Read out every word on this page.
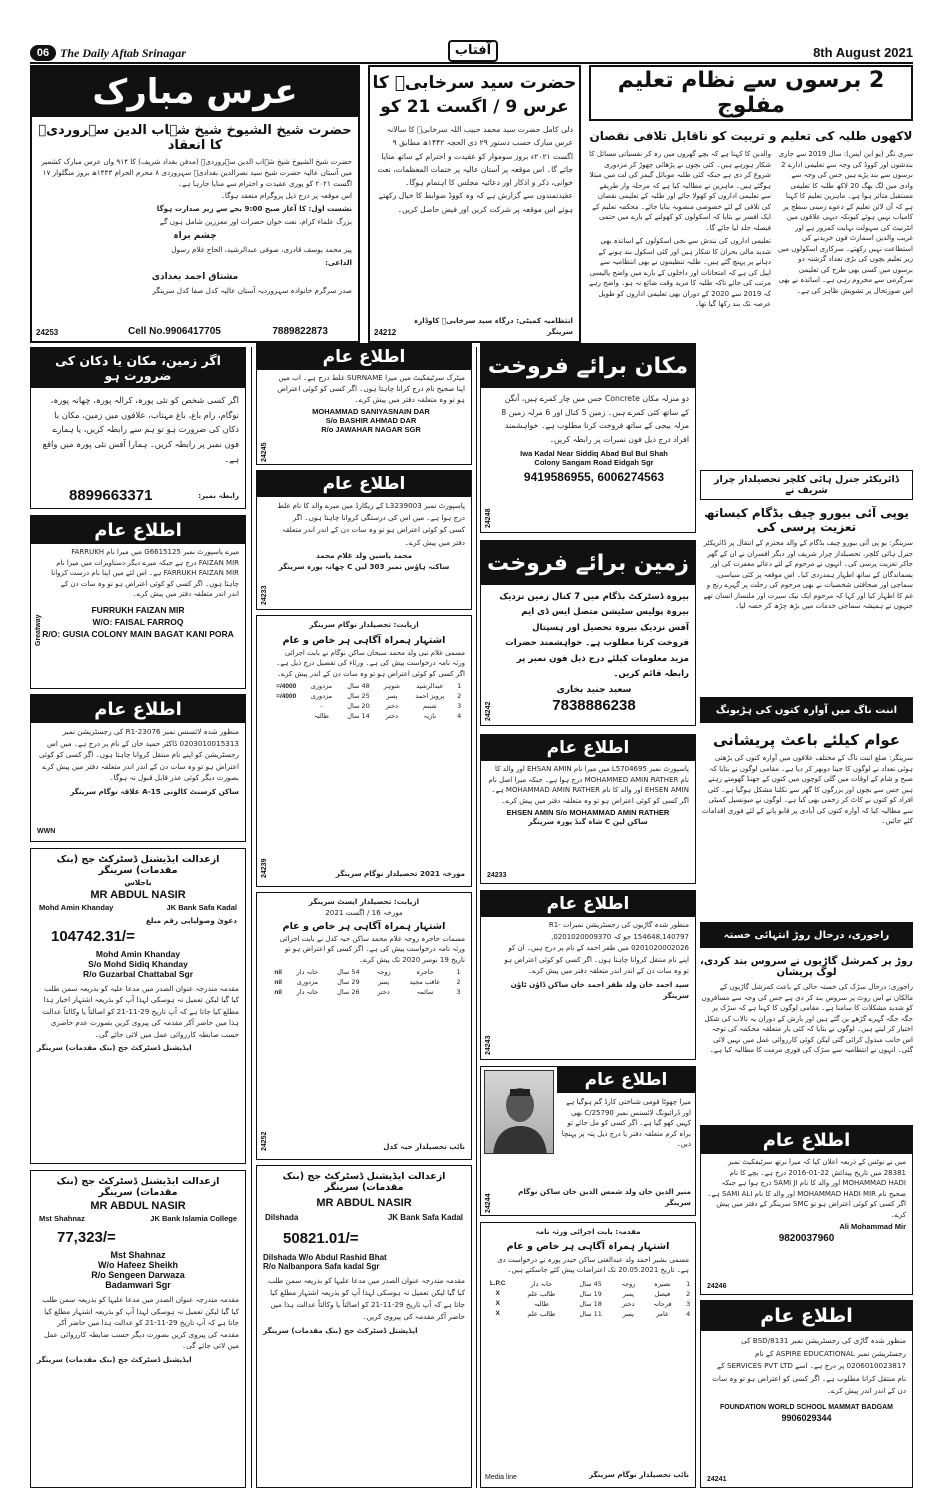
06 The Daily Aftab Srinagar	آفتاب	8th August 2021
عرس مبارک
حضرت شیخ الشیوخ شیخ شہاب الدین سہروردیؒ کا انعقاد

حضرت شیخ الشیوخ شیخ شہاب الدین سہروردیؒ (مدفن بغداد شریف) کا ۹۱۴ واں عرس مبارک کشمیر میں آستان عالیہ حضرت شیخ سید نصرالدین بغدادیؒ سہروردی ۸ محرم الحرام ۱۴۴۳ھ بروز منگلوار ۱۷ اگست ۲۰۲۱ کو پوری عقیدت و احترام سے منایا جارہا ہے۔

اس موقعہ پر درج ذیل پروگرام منعقد ہوگا۔

نشست اول: کا آغاز صبح 9:00 بجے سے زیر صدارت ہوگا

بزرگ علماء کرام، نعت خوان حضرات اور معززین شامل ہوں گے

چشم براہ

پیر محمد یوسف قادری، صوفی عبدالرشید، الحاج غلام رسول

الداعی:

مشتاق احمد بغدادی

صدر سرگرم خانوادہ سہروردیہ آستان عالیہ کدل صفا کدل سرینگر

24253	Cell No.9906417705	7889822873
حضرت سید سرخابیؒ کا
عرس 9 / اگست 21 کو
دلی کامل حضرت سید محمد حبیب اللہ سرخابیؒ کا سالانہ عرس مبارک حسب دستور ۲۹ ذی الحجہ ۱۴۴۲ھ مطابق ۹ اگست ۲۰۲۱ء بروز سوموار کو عقیدت و احترام کے ساتھ منایا جائے گا۔ اس موقعہ پر آستان عالیہ پر ختمات المعظمات، نعت خوانی، ذکر و اذکار اور دعائیہ مجلس کا اہتمام ہوگا۔ عقیدتمندوں سے گزارش ہے کہ وہ کووڈ ضوابط کا خیال رکھتے ہوئے اس موقعہ پر شرکت کریں اور فیض حاصل کریں۔
انتظامیہ کمیٹی: درگاہ سید سرخابیؒ کاوڈارہ سرینگر
24212
2 برسوں سے نظام تعلیم مفلوج
لاکھوں طلبہ کی تعلیم و تربیت کو ناقابل تلافی نقصان
سری نگر (یو این ایس): سال 2019 سے جاری بندشوں اور کووڈ کی وجہ سے تعلیمی ادارے 2 برسوں سے بند پڑے ہیں جس کی وجہ سے وادی میں لگ بھگ 20 لاکھ طلبہ کا تعلیمی مستقبل متاثر ہوا ہے۔ ماہرین تعلیم کا کہنا ہے کہ آن لائن تعلیم کے دعوے زمینی سطح پر کامیاب نہیں ہوئے کیونکہ دیہی علاقوں میں انٹرنیٹ کی سہولت نہایت کمزور ہے اور غریب والدین اسمارٹ فون خریدنے کی استطاعت نہیں رکھتے۔ سرکاری اسکولوں میں زیر تعلیم بچوں کی بڑی تعداد گزشتہ دو برسوں میں کسی بھی طرح کی تعلیمی سرگرمی سے محروم رہی ہے۔ اساتذہ نے بھی اس صورتحال پر تشویش ظاہر کی ہے۔
والدین کا کہنا ہے کہ بچے گھروں میں رہ کر نفسیاتی مسائل کا شکار ہورہے ہیں۔ کئی بچوں نے پڑھائی چھوڑ کر مزدوری شروع کر دی ہے جبکہ کئی طلبہ موبائل گیمز کی لت میں مبتلا ہوگئے ہیں۔ ماہرین نے مطالبہ کیا ہے کہ مرحلہ وار طریقے سے تعلیمی اداروں کو کھولا جائے اور طلبہ کے تعلیمی نقصان کی تلافی کے لئے خصوصی منصوبہ بنایا جائے۔ محکمہ تعلیم کے ایک افسر نے بتایا کہ اسکولوں کو کھولنے کے بارے میں حتمی فیصلہ جلد لیا جائے گا۔
تعلیمی اداروں کی بندش سے نجی اسکولوں کے اساتذہ بھی شدید مالی بحران کا شکار ہیں اور کئی اسکول بند ہونے کے دہانے پر پہنچ گئے ہیں۔ طلبہ تنظیموں نے بھی انتظامیہ سے اپیل کی ہے کہ امتحانات اور داخلوں کے بارے میں واضح پالیسی مرتب کی جائے تاکہ طلبہ کا مزید وقت ضائع نہ ہو۔ واضح رہے کہ 2019 سے 2020 کے دوران بھی تعلیمی اداروں کو طویل عرصہ تک بند رکھا گیا تھا۔
ڈائریکٹر جنرل ہائی کلچر تحصیلدار چرار شریف نے
یوپی آئی بیورو چیف بڈگام کیساتھ تعزیت پرسی کی
سرینگر: یو پی آئی بیورو چیف بڈگام کے والد محترم کے انتقال پر ڈائریکٹر جنرل ہائی کلچر، تحصیلدار چرار شریف اور دیگر افسران نے ان کے گھر جاکر تعزیت پرسی کی۔ انہوں نے مرحوم کے لئے دعائے مغفرت کی اور پسماندگان کے ساتھ اظہار ہمدردی کیا۔ اس موقعہ پر کئی سیاسی، سماجی اور صحافتی شخصیات نے بھی مرحوم کی رحلت پر گہرے رنج و غم کا اظہار کیا اور کہا کہ مرحوم ایک نیک سیرت اور ملنسار انسان تھے جنہوں نے ہمیشہ سماجی خدمات میں بڑھ چڑھ کر حصہ لیا۔
اننت ناگ میں آوارہ کتوں کی ہڑبونگ
عوام کیلئے باعث پریشانی
سرینگر: ضلع اننت ناگ کے مختلف علاقوں میں آوارہ کتوں کی بڑھتی ہوئی تعداد نے لوگوں کا جینا دوبھر کر دیا ہے۔ مقامی لوگوں نے بتایا کہ صبح و شام کے اوقات میں گلی کوچوں میں کتوں کے جھنڈ گھومتے رہتے ہیں جس سے بچوں اور بزرگوں کا گھر سے نکلنا مشکل ہوگیا ہے۔ کئی افراد کو کتوں نے کاٹ کر زخمی بھی کیا ہے۔ لوگوں نے میونسپل کمیٹی سے مطالبہ کیا کہ آوارہ کتوں کی آبادی پر قابو پانے کے لئے فوری اقدامات کئے جائیں۔
راجوری، درحال روڑ انتہائی خستہ
روڑ پر کمرشل گاڑیوں نے سروس بند کردی، لوگ پریشان
راجوری: درحال سڑک کی خستہ حالی کے باعث کمرشل گاڑیوں کے مالکان نے اس روٹ پر سروس بند کر دی ہے جس کی وجہ سے مسافروں کو شدید مشکلات کا سامنا ہے۔ مقامی لوگوں کا کہنا ہے کہ سڑک پر جگہ جگہ گہرے گڑھے بن گئے ہیں اور بارش کے دوران یہ تالاب کی شکل اختیار کر لیتے ہیں۔ لوگوں نے بتایا کہ کئی بار متعلقہ محکمہ کی توجہ اس جانب مبذول کرائی گئی لیکن کوئی کارروائی عمل میں نہیں لائی گئی۔ انہوں نے انتظامیہ سے سڑک کی فوری مرمت کا مطالبہ کیا ہے۔
اگر زمین، مکان یا دکان کی ضرورت ہو
اگر کسی شخص کو نئی پورہ، کرالہ پورہ، چھانہ پورہ، نوگام، رام باغ، باغ مہتاب، علاقوں میں زمین، مکان یا دکان کی ضرورت ہو تو ہم سے رابطہ کریں، یا ہمارے فون نمبر پر رابطہ کریں۔ ہمارا آفس نئی پورہ میں واقع ہے۔
رابطہ نمبر:
8899663371
اطلاع عام
میرے پاسپورٹ نمبر G6615125 میں میرا نام FARRUKH FAIZAN MIR درج ہے جبکہ میرے دیگر دستاویزات میں میرا نام FARRUKH FAIZAN MIR ہے۔ اس لئے میں اپنا نام درست کروانا چاہتا ہوں۔ اگر کسی کو کوئی اعتراض ہو تو وہ سات دن کے اندر اندر متعلقہ دفتر میں پیش کرے۔
FURRUKH FAIZAN MIR
W/O: FAISAL FARROQ
R/O: GUSIA COLONY MAIN BAGAT KANI PORA
Greatway
اطلاع عام
منظور شدہ لائسنس نمبر R1-23076 کی رجسٹریشن نمبر 0203010015313 ڈاکٹر حمید خان کے نام پر درج ہے۔ میں اس رجسٹریشن کو اپنے نام منتقل کروانا چاہتا ہوں۔ اگر کسی کو کوئی اعتراض ہو تو وہ سات دن کے اندر اندر متعلقہ دفتر میں پیش کرے بصورت دیگر کوئی عذر قابل قبول نہ ہوگا۔
ساکن کرسنٹ کالونی 15-A علاقہ نوگام سرینگر
WWN
ازعدالت ایڈیشنل ڈسٹرکٹ جج (بنک مقدمات) سرینگر
باجلاس
MR ABDUL NASIR
Mohd Amin Khanday	JK Bank Safa Kadal
دعویٰ وصولیابی رقم مبلغ
104742.31/=
Mohd Amin Khanday
S/o Mohd Sidiq Khanday
R/o Guzarbal Chattabal Sgr
مقدمہ مندرجہ عنوان الصدر میں مدعا علیہ کو بذریعہ سمن طلب کیا گیا لیکن تعمیل نہ ہوسکی لہذا آپ کو بذریعہ اشتہار اخبار ہذا مطلع کیا جاتا ہے کہ آپ تاریخ 29-11-21 کو اصالتاً یا وکالتاً عدالت ہذا میں حاضر آکر مقدمہ کی پیروی کریں بصورت عدم حاضری حسب ضابطہ کارروائی عمل میں لائی جائے گی۔
ایڈیشنل ڈسٹرکٹ جج (بنک مقدمات) سرینگر
ازعدالت ایڈیشنل ڈسٹرکٹ جج (بنک مقدمات) سرینگر
MR ABDUL NASIR
Mst Shahnaz	JK Bank Islamia College
77,323/=
Mst Shahnaz
W/o Hafeez Sheikh
R/o Sengeen Darwaza
Badamwari Sgr
مقدمہ مندرجہ عنوان الصدر میں مدعا علیہا کو بذریعہ سمن طلب کیا گیا لیکن تعمیل نہ ہوسکی لہذا آپ کو بذریعہ اشتہار مطلع کیا جاتا ہے کہ آپ تاریخ 29-11-21 کو عدالت ہذا میں حاضر آکر مقدمہ کی پیروی کریں بصورت دیگر حسب ضابطہ کارروائی عمل میں لائی جائے گی۔
ایڈیشنل ڈسٹرکٹ جج (بنک مقدمات) سرینگر
اطلاع عام
میٹرک سرٹیفکیٹ میں میرا SURNAME غلط درج ہے۔ اب میں اپنا صحیح نام درج کرانا چاہتا ہوں۔ اگر کسی کو کوئی اعتراض ہو تو وہ متعلقہ دفتر میں پیش کرے۔
MOHAMMAD SANIYASNAIN DAR
S/o BASHIR AHMAD DAR
R/o JAWAHAR NAGAR SGR
24245
اطلاع عام
پاسپورٹ نمبر L3239003 کے ریکارڈ میں میرے والد کا نام غلط درج ہوا ہے۔ میں اس کی درستگی کروانا چاہتا ہوں۔ اگر کسی کو کوئی اعتراض ہو تو وہ سات دن کے اندر اندر متعلقہ دفتر میں پیش کرے۔
محمد یاسین ولد غلام محمد
ساکنہ ہاؤس نمبر 303 لین C چھانہ پورہ سرینگر
24233
ازیابت: تحصیلدار نوگام سرینگر
اشتہار ہمراہ آگاہی ہر خاص و عام
مسمی غلام نبی ولد محمد سبحان ساکن نوگام نے بابت اجرائی ورثہ نامہ درخواست پیش کی ہے۔ ورثاء کی تفصیل درج ذیل ہے۔ اگر کسی کو کوئی اعتراض ہو تو وہ سات دن کے اندر پیش کرے۔
1	عبدالرشید	شوہر	48 سال	مزدوری	4000/=
2	پرویز احمد	پسر	25 سال	مزدوری	4000/=
3	شبنم	دختر	20 سال	-	
4	نازیہ	دختر	14 سال	طالبہ	
مورخہ 2021 تحصیلدار نوگام سرینگر
24239
ازیابت: تحصیلدار ایسٹ سرینگر
مورخہ 16 / اگست 2021
اشتہار ہمراہ آگاہی ہر خاص و عام
مسمات حاجرہ زوجہ غلام محمد ساکن حبہ کدل نے بابت اجرائی ورثہ نامہ درخواست پیش کی ہے۔ اگر کسی کو اعتراض ہو تو تاریخ 19 نومبر 2020 تک پیش کرے۔
1	حاجرہ	زوجہ	54 سال	خانہ دار	nil
2	عاقب مجید	پسر	29 سال	مزدوری	nil
3	سائمہ	دختر	26 سال	خانہ دار	nil
نائب تحصیلدار حبہ کدل
24252
ازعدالت ایڈیشنل ڈسٹرکٹ جج (بنک مقدمات) سرینگر
MR ABDUL NASIR
Dilshada	JK Bank Safa Kadal
50821.01/=
Dilshada W/o Abdul Rashid Bhat
R/o Nalbanpora Safa kadal Sgr
مقدمہ مندرجہ عنوان الصدر میں مدعا علیہا کو بذریعہ سمن طلب کیا گیا لیکن تعمیل نہ ہوسکی لہذا آپ کو بذریعہ اشتہار مطلع کیا جاتا ہے کہ آپ تاریخ 29-11-21 کو اصالتاً یا وکالتاً عدالت ہذا میں حاضر آکر مقدمہ کی پیروی کریں۔
ایڈیشنل ڈسٹرکٹ جج (بنک مقدمات) سرینگر
مکان برائے فروخت
دو منزلہ مکان Concrete جس میں چار کمرے ہیں، آنگن کے ساتھ کئی کمرے ہیں۔ زمین 5 کنال اور 6 مرلہ زمین 8 مرلہ بیجی کے ساتھ فروخت کرنا مطلوب ہے۔ خواہشمند افراد درج ذیل فون نمبرات پر رابطہ کریں۔
Iwa Kadal Near Siddiq Abad Bul Bul Shah
Colony Sangam Road Eidgah Sgr
9419586955, 6006274563
24248
زمین برائے فروخت
بیروہ ڈسٹرکٹ بڈگام میں 7 کنال زمین نزدیک بیروہ پولیس سٹیشن متصل ایس ڈی ایم آفس نزدیک بیروہ تحصیل اور ہسپتال فروخت کرنا مطلوب ہے۔ خواہشمند حضرات مزید معلومات کیلئے درج ذیل فون نمبر پر رابطہ قائم کریں۔
سعید جنید بخاری
7838886238
24242
اطلاع عام
پاسپورٹ نمبر L5704695 میں میرا نام EHSAN AMIN اور والد کا نام MOHAMMED AMIN RATHER درج ہوا ہے۔ جبکہ میرا اصل نام EHSEN AMIN اور والد کا نام MOHAMMAD AMIN RATHER ہے۔ اگر کسی کو کوئی اعتراض ہو تو وہ متعلقہ دفتر میں پیش کرے۔
EHSEN AMIN S/o MOHAMMAD AMIN RATHER
ساکن لین C شاہ گنڈ پورہ سرینگر
24233
اطلاع عام
منظور شدہ گاڑیوں کی رجسٹریشن نمبرات R1-154648,140797 جو کہ 0201020009370, 0201020002026 میں ظفر احمد کے نام پر درج ہیں۔ ان کو اپنے نام منتقل کروانا چاہتا ہوں۔ اگر کسی کو کوئی اعتراض ہو تو وہ سات دن کے اندر اندر متعلقہ دفتر میں پیش کرے۔
سید احمد خان ولد ظفر احمد خان ساکن ڈاؤن ٹاؤن سرینگر
24243
اطلاع عام
میرا چھوٹا قومی شناختی کارڈ گم ہوگیا ہے اور ڈرائیونگ لائسنس نمبر 25790/C بھی کہیں کھو گیا ہے۔ اگر کسی کو مل جائے تو براہ کرم متعلقہ دفتر یا درج ذیل پتہ پر پہنچا دیں۔
منیر الدین خان ولد شمس الدین خان ساکن نوگام سرینگر
24244
مقدمہ: بابت اجرائی ورثہ نامہ
اشتہار ہمراہ آگاہی ہر خاص و عام
مسمی بشیر احمد ولد عبدالغنی ساکن حیدر پورہ نے درخواست دی ہے۔ تاریخ 20.05.2021 تک اعتراضات پیش کئے جاسکتے ہیں۔
1	نصیرہ	زوجہ	45 سال	خانہ دار	L.P.C
2	فیصل	پسر	19 سال	طالب علم	X
3	فرحانہ	دختر	18 سال	طالبہ	X
4	عامر	پسر	11 سال	طالب علم	X
Media line	نائب تحصیلدار نوگام سرینگر
اطلاع عام
میں نے نوٹس کے ذریعہ اعلان کیا کہ میرا برتھ سرٹیفکیٹ نمبر 28381 میں تاریخ پیدائش 22-01-2016 درج ہے۔ بچے کا نام MOHAMMAD HADI اور والد کا نام SAMI JI درج ہوا ہے جبکہ صحیح نام MOHAMMAD HADI MIR اور والد کا نام SAMI ALI ہے۔ اگر کسی کو کوئی اعتراض ہو تو SMC سرینگر کے دفتر میں پیش کرے۔
Ali Mohammad Mir
9820037960
24246
اطلاع عام
منظور شدہ گاڑی کی رجسٹریشن نمبر 8131/BSD کی رجسٹریشن نمبر ASPIRE EDUCATIONAL کے نام 0206010023817 پر درج ہے۔ اسے SERVICES PVT LTD کے نام منتقل کرانا مطلوب ہے۔ اگر کسی کو اعتراض ہو تو وہ سات دن کے اندر اندر پیش کرے۔
FOUNDATION WORLD SCHOOL MAMMAT BADGAM
9906029344
24241
